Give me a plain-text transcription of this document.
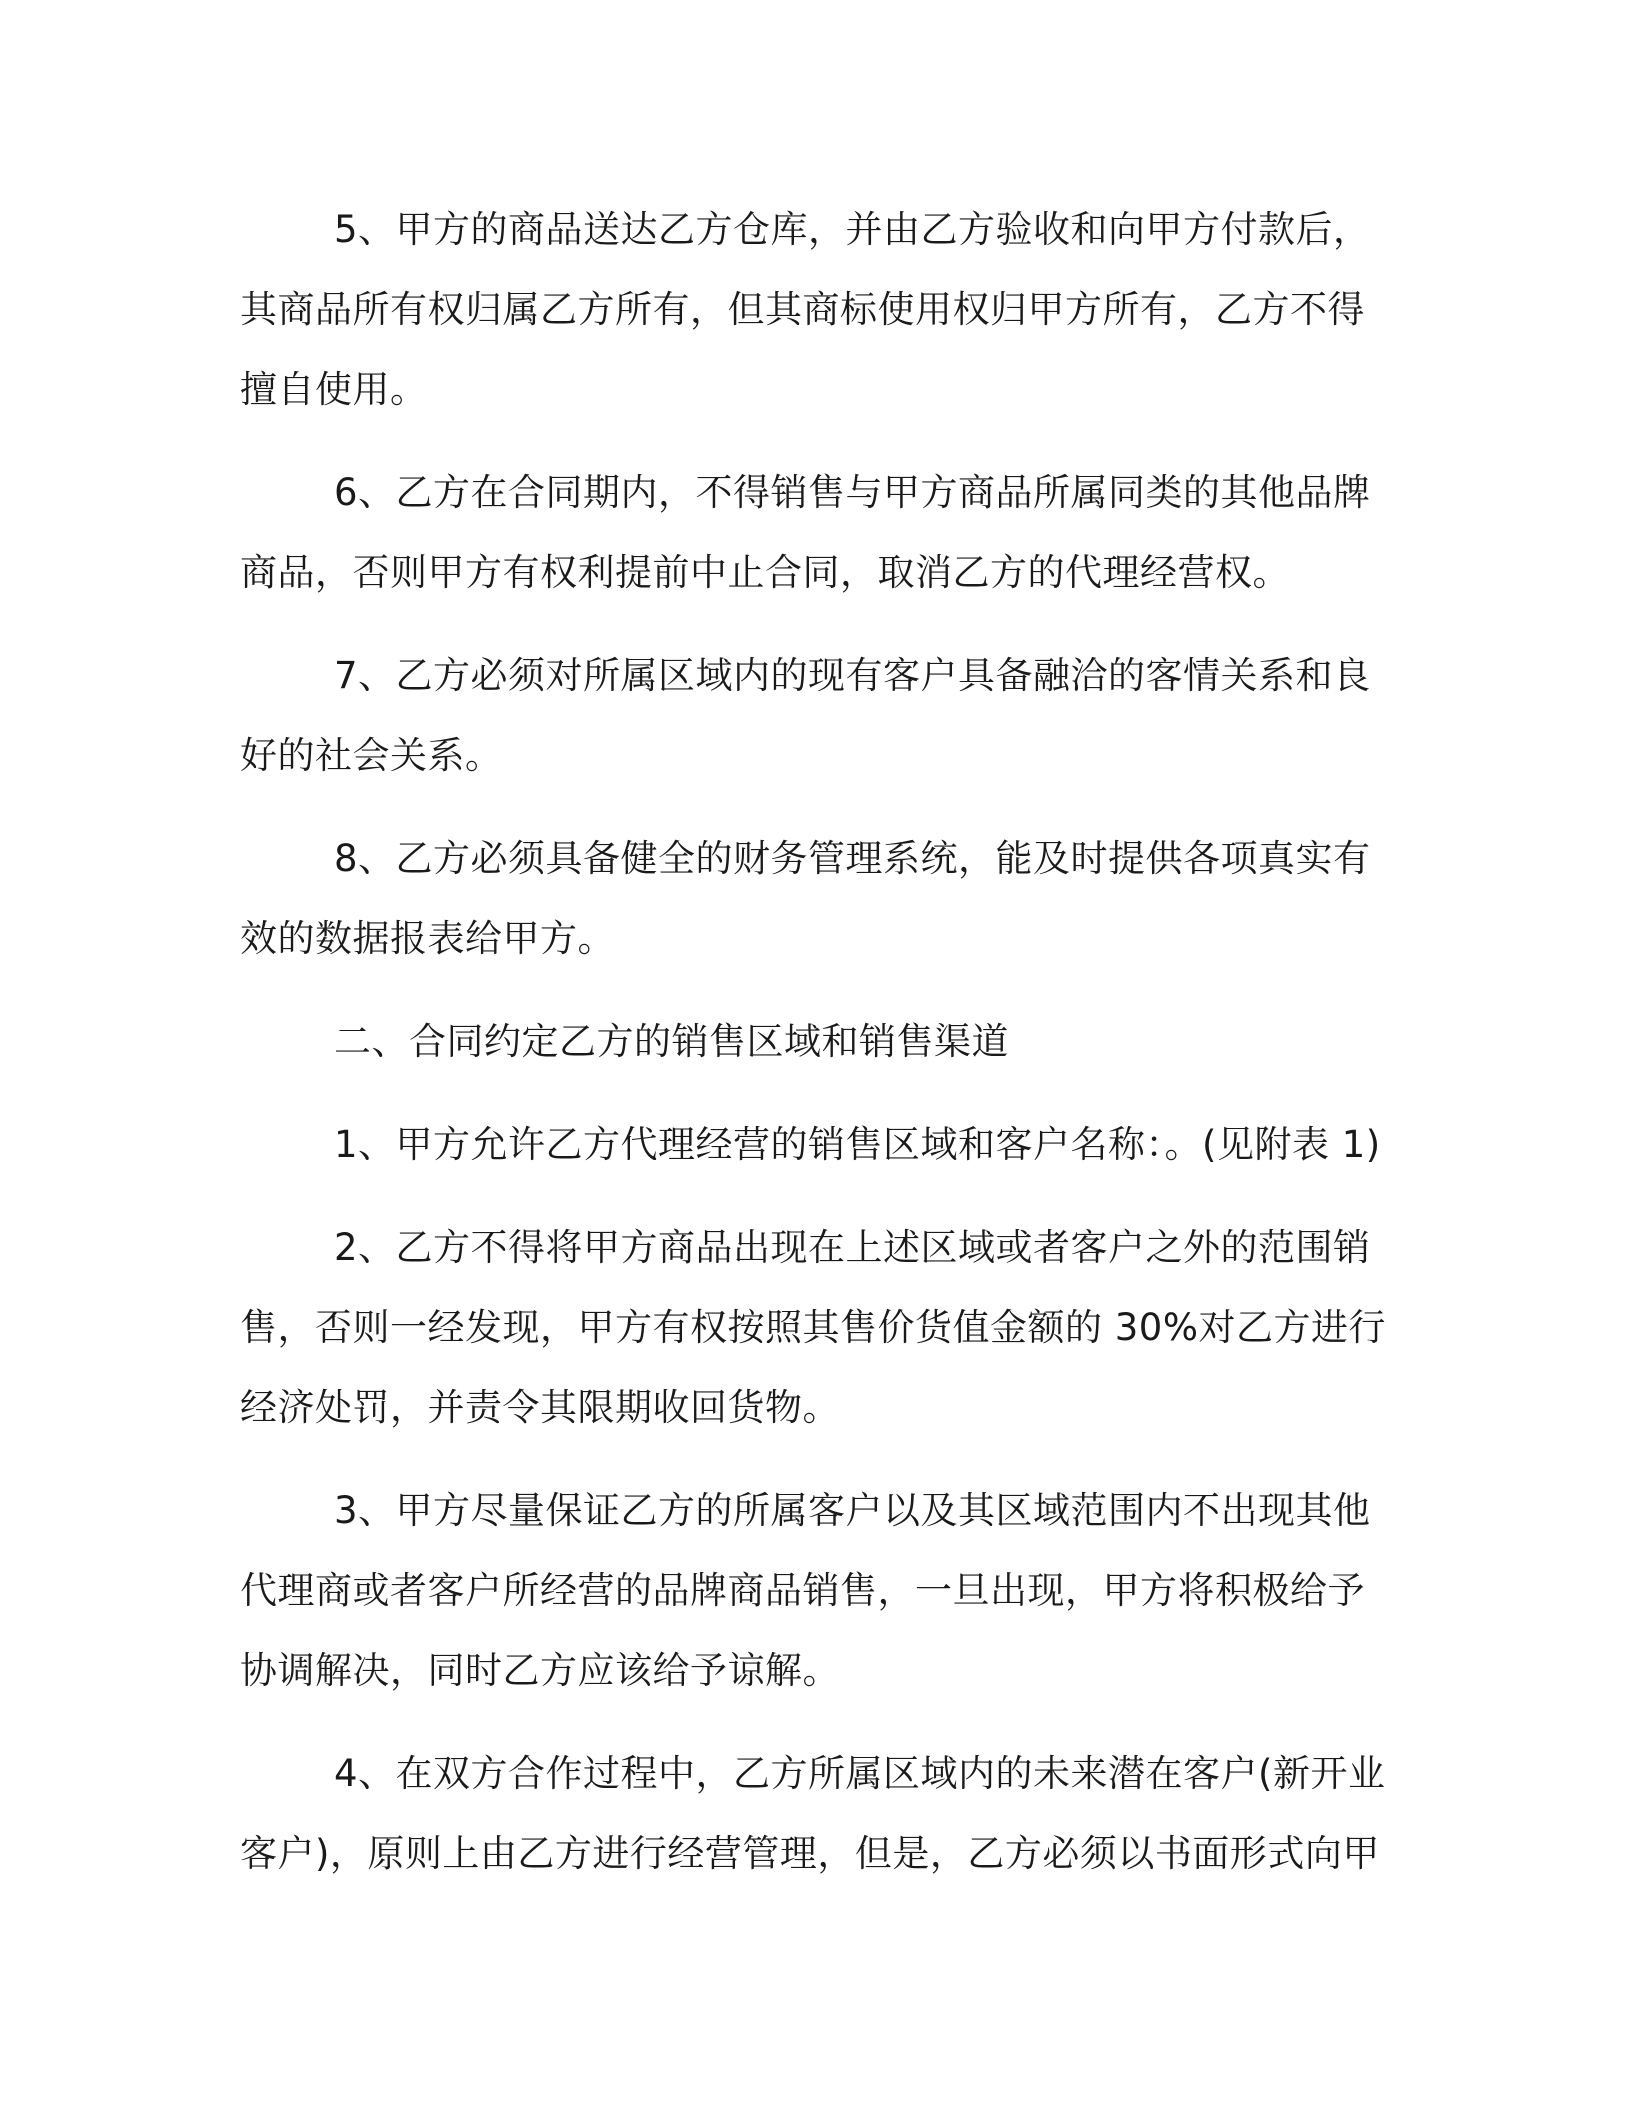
5、甲方的商品送达乙方仓库，并由乙方验收和向甲方付款后，
其商品所有权归属乙方所有，但其商标使用权归甲方所有，乙方不得
擅自使用。

6、乙方在合同期内，不得销售与甲方商品所属同类的其他品牌
商品，否则甲方有权利提前中止合同，取消乙方的代理经营权。

7、乙方必须对所属区域内的现有客户具备融洽的客情关系和良
好的社会关系。

8、乙方必须具备健全的财务管理系统，能及时提供各项真实有
效的数据报表给甲方。

二、合同约定乙方的销售区域和销售渠道

1、甲方允许乙方代理经营的销售区域和客户名称：。(见附表 1)

2、乙方不得将甲方商品出现在上述区域或者客户之外的范围销
售，否则一经发现，甲方有权按照其售价货值金额的 30%对乙方进行
经济处罚，并责令其限期收回货物。

3、甲方尽量保证乙方的所属客户以及其区域范围内不出现其他
代理商或者客户所经营的品牌商品销售，一旦出现，甲方将积极给予
协调解决，同时乙方应该给予谅解。

4、在双方合作过程中，乙方所属区域内的未来潜在客户(新开业
客户)，原则上由乙方进行经营管理，但是，乙方必须以书面形式向甲
